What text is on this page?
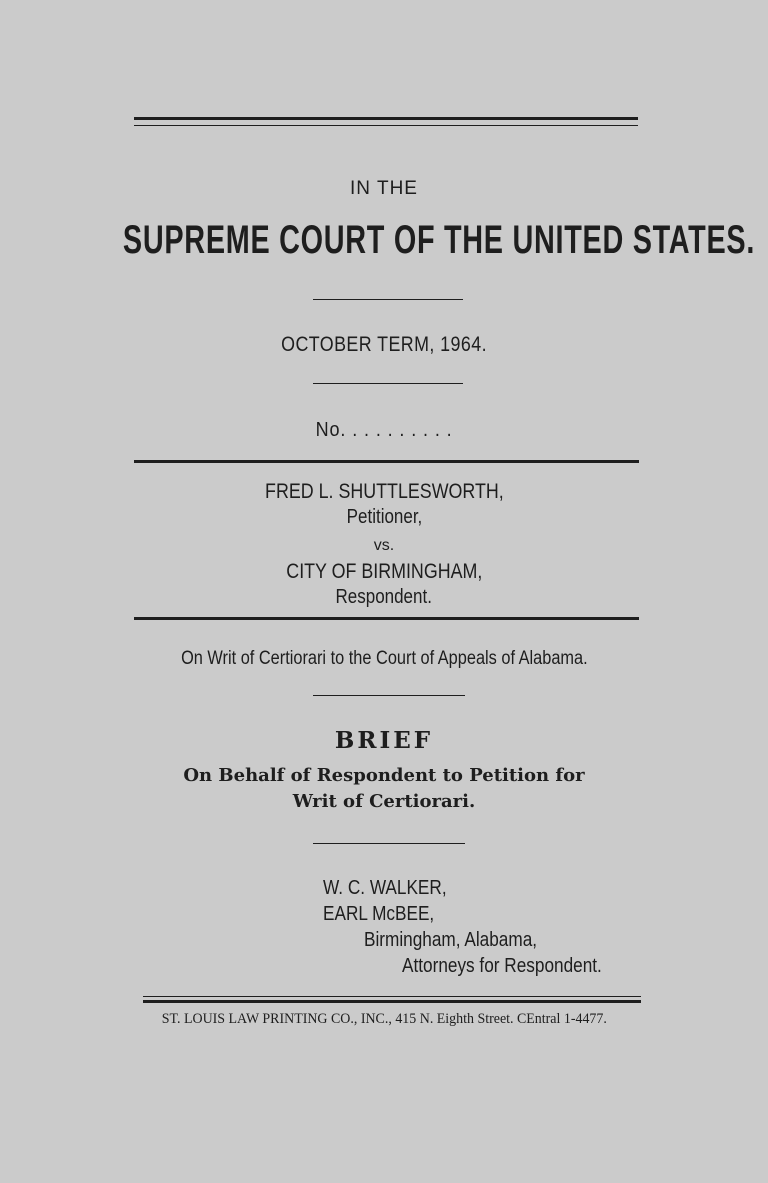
IN THE
SUPREME COURT OF THE UNITED STATES.
OCTOBER TERM, 1964.
No. . . . . . . . . .
FRED L. SHUTTLESWORTH,
Petitioner,
vs.
CITY OF BIRMINGHAM,
Respondent.
On Writ of Certiorari to the Court of Appeals of Alabama.
BRIEF
On Behalf of Respondent to Petition for
Writ of Certiorari.
W. C. WALKER,
EARL McBEE,
Birmingham, Alabama,
Attorneys for Respondent.
ST. LOUIS LAW PRINTING CO., INC., 415 N. Eighth Street. CEntral 1-4477.
